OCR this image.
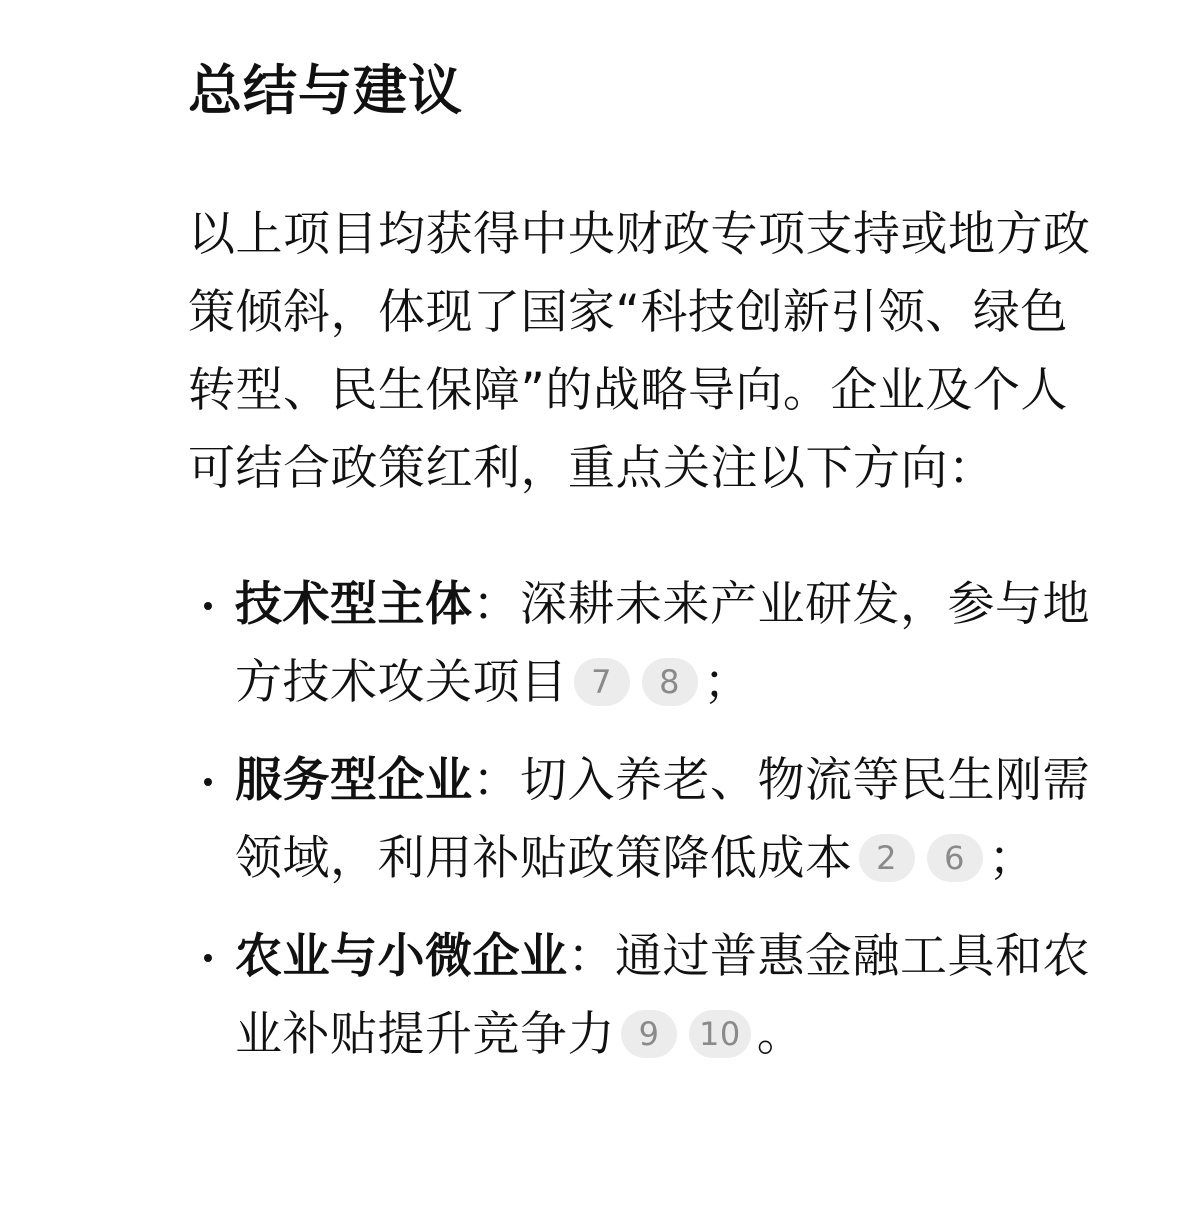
总结与建议

以上项目均获得中央财政专项支持或地方政策倾斜，体现了国家“科技创新引领、绿色转型、民生保障”的战略导向。企业及个人可结合政策红利，重点关注以下方向：

技术型主体：深耕未来产业研发，参与地方技术攻关项目 7 8 ；
服务型企业：切入养老、物流等民生刚需领域，利用补贴政策降低成本 2 6 ；
农业与小微企业：通过普惠金融工具和农业补贴提升竞争力 9 10 。
